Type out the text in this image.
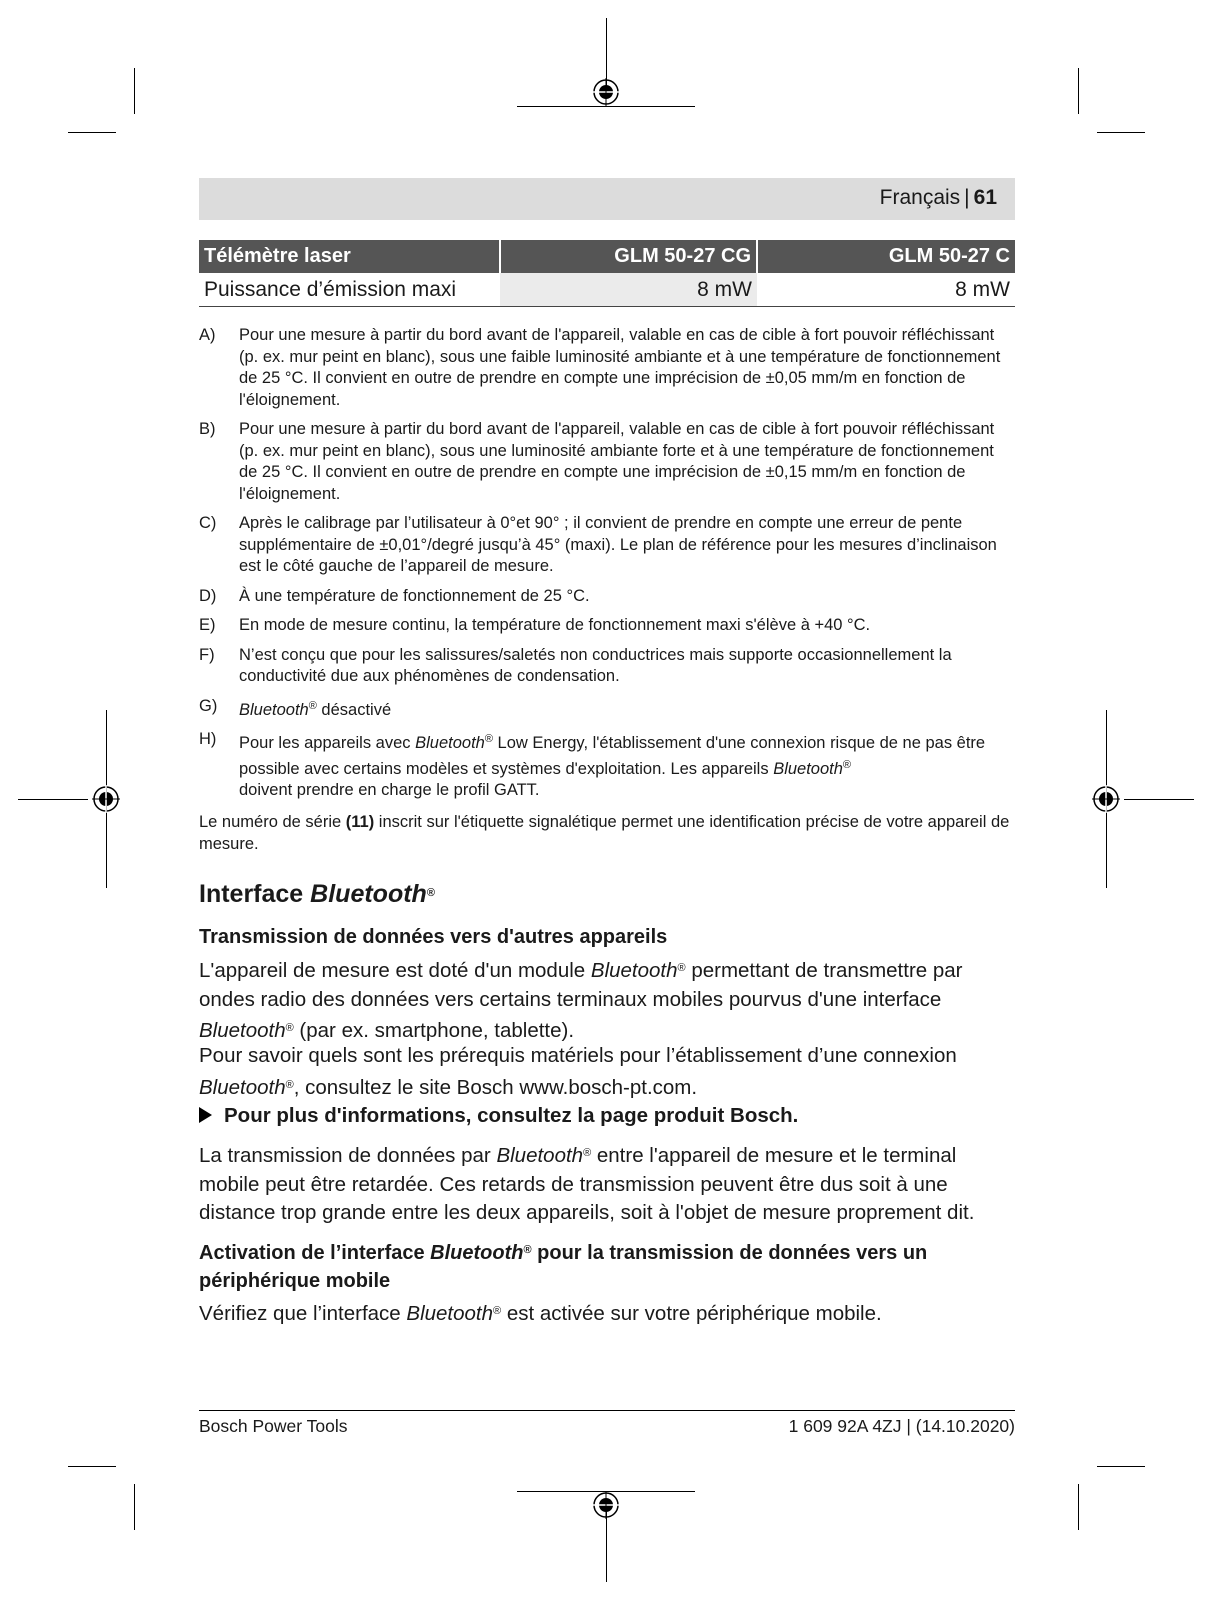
Français | 61
Télémètre laser	GLM 50-27 CG	GLM 50-27 C
Puissance d’émission maxi	8 mW	8 mW
A)	Pour une mesure à partir du bord avant de l'appareil, valable en cas de cible à fort pouvoir réfléchissant (p. ex. mur peint en blanc), sous une faible luminosité ambiante et à une température de fonctionnement de 25 °C. Il convient en outre de prendre en compte une imprécision de ±0,05 mm/m en fonction de l'éloignement.
B)	Pour une mesure à partir du bord avant de l'appareil, valable en cas de cible à fort pouvoir réfléchissant (p. ex. mur peint en blanc), sous une luminosité ambiante forte et à une température de fonctionnement de 25 °C. Il convient en outre de prendre en compte une imprécision de ±0,15 mm/m en fonction de l'éloignement.
C)	Après le calibrage par l’utilisateur à 0°et 90° ; il convient de prendre en compte une erreur de pente supplémentaire de ±0,01°/degré jusqu’à 45° (maxi). Le plan de référence pour les mesures d’inclinaison est le côté gauche de l’appareil de mesure.
D)	À une température de fonctionnement de 25 °C.
E)	En mode de mesure continu, la température de fonctionnement maxi s'élève à +40 °C.
F)	N’est conçu que pour les salissures/saletés non conductrices mais supporte occasionnellement la conductivité due aux phénomènes de condensation.
G)	Bluetooth® désactivé
H)	Pour les appareils avec Bluetooth® Low Energy, l'établissement d'une connexion risque de ne pas être possible avec certains modèles et systèmes d'exploitation. Les appareils Bluetooth®
doivent prendre en charge le profil GATT.
Le numéro de série (11) inscrit sur l'étiquette signalétique permet une identification précise de votre appareil de mesure.
Interface Bluetooth®
Transmission de données vers d'autres appareils
L'appareil de mesure est doté d'un module Bluetooth® permettant de transmettre par ondes radio des données vers certains terminaux mobiles pourvus d'une interface Bluetooth® (par ex. smartphone, tablette).
Pour savoir quels sont les prérequis matériels pour l’établissement d’une connexion Bluetooth®, consultez le site Bosch www.bosch-pt.com.
Pour plus d'informations, consultez la page produit Bosch.
La transmission de données par Bluetooth® entre l'appareil de mesure et le terminal mobile peut être retardée. Ces retards de transmission peuvent être dus soit à une distance trop grande entre les deux appareils, soit à l'objet de mesure proprement dit.
Activation de l’interface Bluetooth® pour la transmission de données vers un périphérique mobile
Vérifiez que l’interface Bluetooth® est activée sur votre périphérique mobile.
Bosch Power Tools	1 609 92A 4ZJ | (14.10.2020)
